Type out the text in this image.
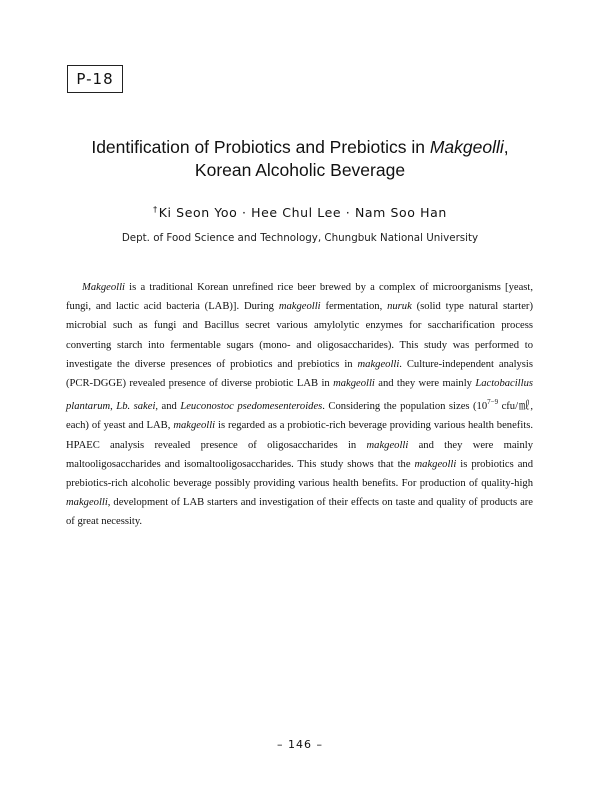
P-18
Identification of Probiotics and Prebiotics in Makgeolli,
Korean Alcoholic Beverage
†Ki Seon Yoo · Hee Chul Lee · Nam Soo Han
Dept. of Food Science and Technology, Chungbuk National University

Makgeolli is a traditional Korean unrefined rice beer brewed by a complex of microorganisms [yeast, fungi, and lactic acid bacteria (LAB)]. During makgeolli fermentation, nuruk (solid type natural starter) microbial such as fungi and Bacillus secret various amylolytic enzymes for saccharification process converting starch into fermentable sugars (mono- and oligosaccharides). This study was performed to investigate the diverse presences of probiotics and prebiotics in makgeolli. Culture-independent analysis (PCR-DGGE) revealed presence of diverse probiotic LAB in makgeolli and they were mainly Lactobacillus plantarum, Lb. sakei, and Leuconostoc psedomesenteroides. Considering the population sizes ($10^{7-9}$ cfu/㎖, each) of yeast and LAB, makgeolli is regarded as a probiotic-rich beverage providing various health benefits. HPAEC analysis revealed presence of oligosaccharides in makgeolli and they were mainly maltooligosaccharides and isomaltooligosaccharides. This study shows that the makgeolli is probiotics and prebiotics-rich alcoholic beverage possibly providing various health benefits. For production of quality-high makgeolli, development of LAB starters and investigation of their effects on taste and quality of products are of great necessity.

– 146 –
